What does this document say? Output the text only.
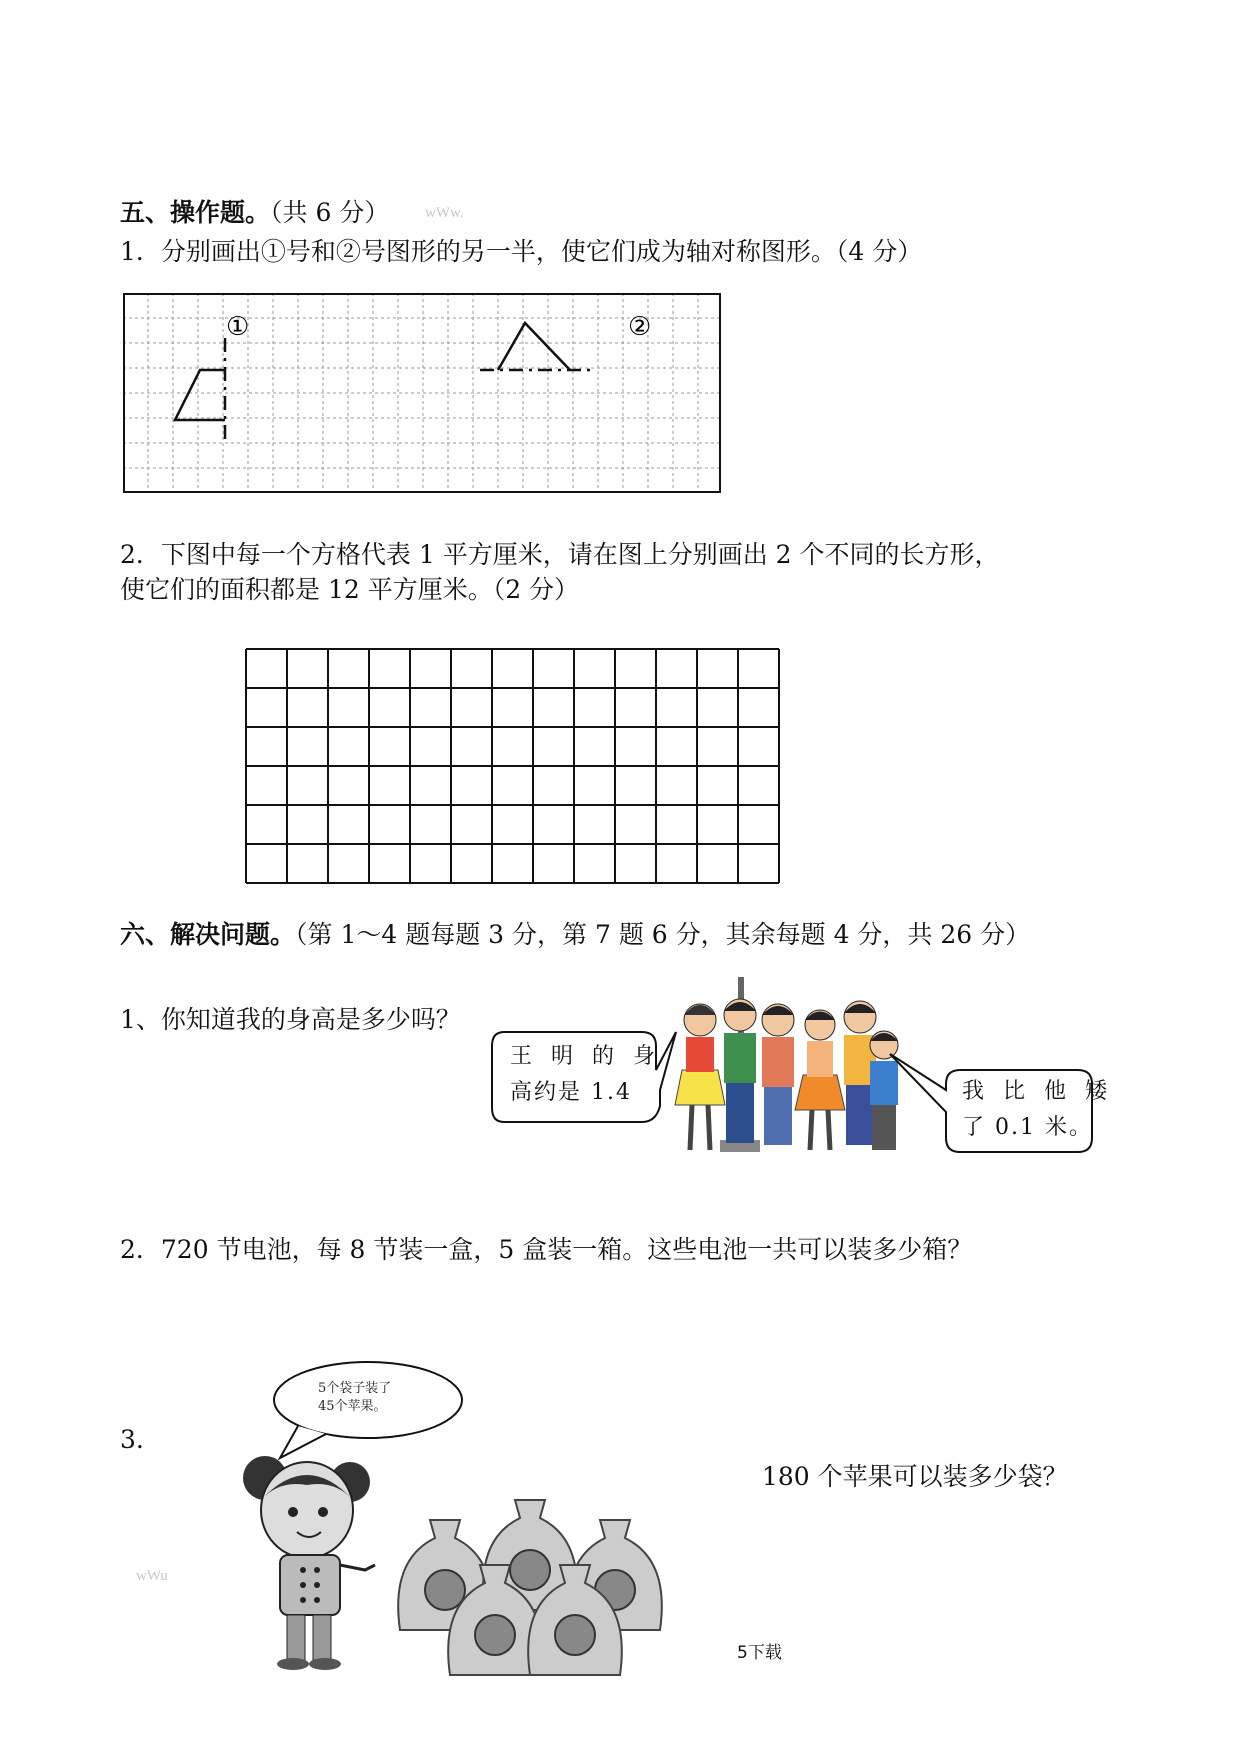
五、操作题。（共 6 分） wWw.
1．分别画出①号和②号图形的另一半，使它们成为轴对称图形。（4 分）
①	②
2．下图中每一个方格代表 1 平方厘米，请在图上分别画出 2 个不同的长方形，
使它们的面积都是 12 平方厘米。（2 分）
六、解决问题。（第 1～4 题每题 3 分，第 7 题 6 分，其余每题 4 分，共 26 分）
1、你知道我的身高是多少吗？
王 明 的 身
高约是 1.4	我 比 他 矮
了 0.1 米。
2．720 节电池，每 8 节装一盒，5 盒装一箱。这些电池一共可以装多少箱？
3.
5个袋子装了
45个苹果。
wWu
180 个苹果可以装多少袋？
5下载
